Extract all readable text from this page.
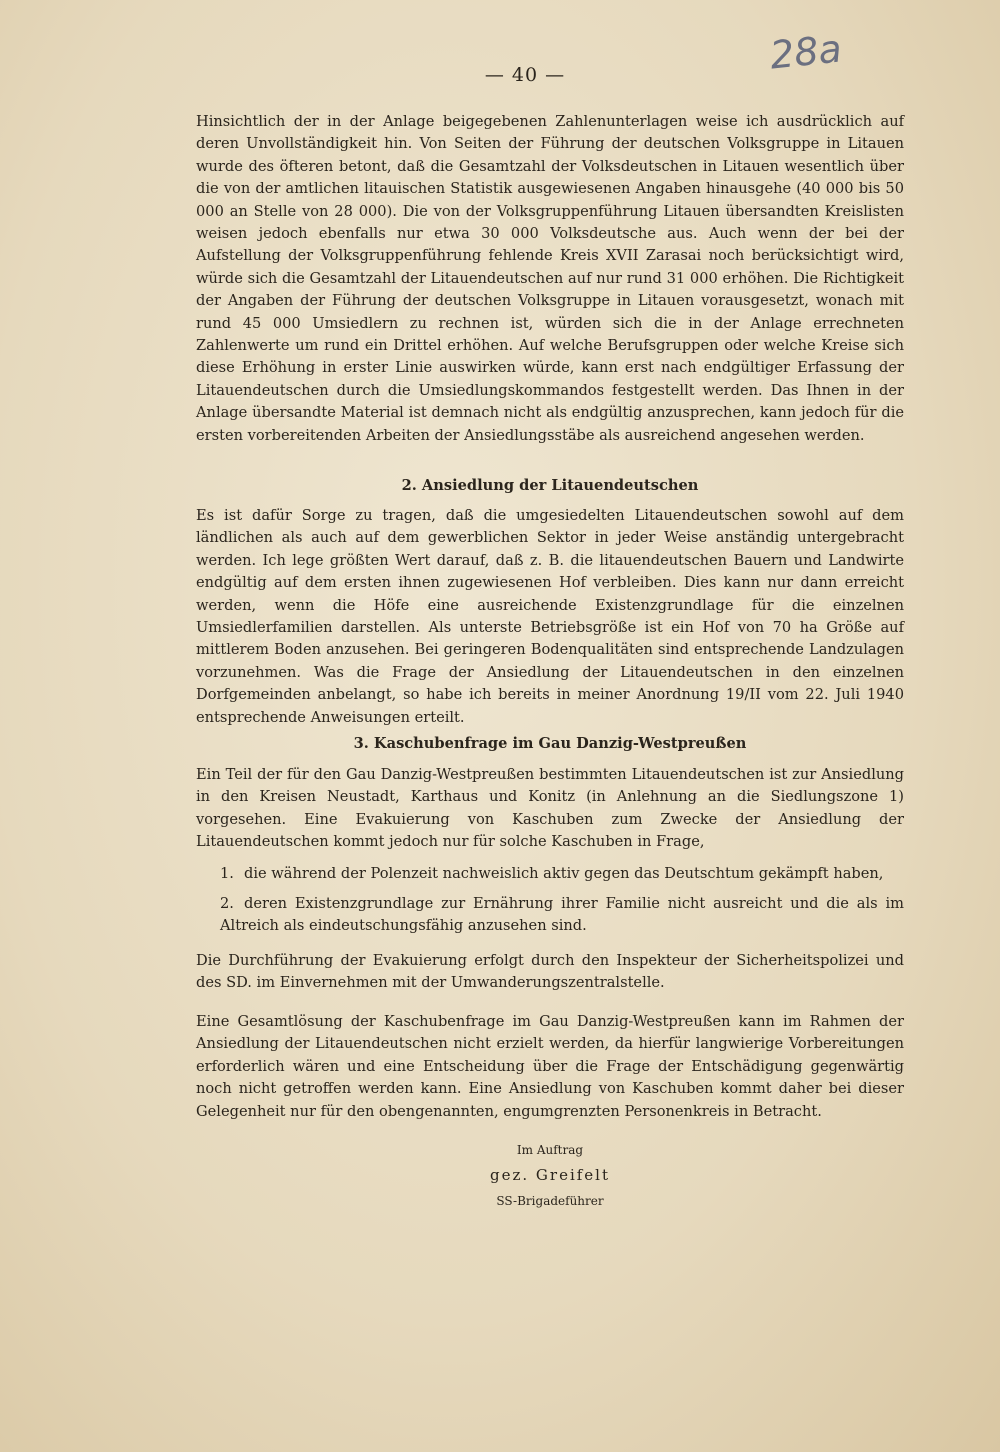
— 40 —	28a

Hinsichtlich der in der Anlage beigegebenen Zahlenunterlagen weise ich ausdrücklich auf deren Unvollständigkeit hin. Von Seiten der Führung der deutschen Volksgruppe in Litauen wurde des öfteren betont, daß die Gesamtzahl der Volksdeutschen in Litauen wesentlich über die von der amtlichen litauischen Statistik ausgewiesenen Angaben hinausgehe (40 000 bis 50 000 an Stelle von 28 000). Die von der Volksgruppenführung Litauen übersandten Kreislisten weisen jedoch ebenfalls nur etwa 30 000 Volksdeutsche aus. Auch wenn der bei der Aufstellung der Volksgruppenführung fehlende Kreis XVII Zarasai noch berücksichtigt wird, würde sich die Gesamtzahl der Litauendeutschen auf nur rund 31 000 erhöhen. Die Richtigkeit der Angaben der Führung der deutschen Volksgruppe in Litauen vorausgesetzt, wonach mit rund 45 000 Umsiedlern zu rechnen ist, würden sich die in der Anlage errechneten Zahlenwerte um rund ein Drittel erhöhen. Auf welche Berufsgruppen oder welche Kreise sich diese Erhöhung in erster Linie auswirken würde, kann erst nach endgültiger Erfassung der Litauendeutschen durch die Umsiedlungskommandos festgestellt werden. Das Ihnen in der Anlage übersandte Material ist demnach nicht als endgültig anzusprechen, kann jedoch für die ersten vorbereitenden Arbeiten der Ansiedlungsstäbe als ausreichend angesehen werden.

2. Ansiedlung der Litauendeutschen

Es ist dafür Sorge zu tragen, daß die umgesiedelten Litauendeutschen sowohl auf dem ländlichen als auch auf dem gewerblichen Sektor in jeder Weise anständig untergebracht werden. Ich lege größten Wert darauf, daß z. B. die litauendeutschen Bauern und Landwirte endgültig auf dem ersten ihnen zugewiesenen Hof verbleiben. Dies kann nur dann erreicht werden, wenn die Höfe eine ausreichende Existenzgrundlage für die einzelnen Umsiedlerfamilien darstellen. Als unterste Betriebsgröße ist ein Hof von 70 ha Größe auf mittlerem Boden anzusehen. Bei geringeren Bodenqualitäten sind entsprechende Landzulagen vorzunehmen. Was die Frage der Ansiedlung der Litauendeutschen in den einzelnen Dorfgemeinden anbelangt, so habe ich bereits in meiner Anordnung 19/II vom 22. Juli 1940 entsprechende Anweisungen erteilt.

3. Kaschubenfrage im Gau Danzig-Westpreußen

Ein Teil der für den Gau Danzig-Westpreußen bestimmten Litauendeutschen ist zur Ansiedlung in den Kreisen Neustadt, Karthaus und Konitz (in Anlehnung an die Siedlungszone 1) vorgesehen. Eine Evakuierung von Kaschuben zum Zwecke der Ansiedlung der Litauendeutschen kommt jedoch nur für solche Kaschuben in Frage,

1. die während der Polenzeit nachweislich aktiv gegen das Deutschtum gekämpft haben,

2. deren Existenzgrundlage zur Ernährung ihrer Familie nicht ausreicht und die als im Altreich als eindeutschungsfähig anzusehen sind.

Die Durchführung der Evakuierung erfolgt durch den Inspekteur der Sicherheitspolizei und des SD. im Einvernehmen mit der Umwanderungszentralstelle.

Eine Gesamtlösung der Kaschubenfrage im Gau Danzig-Westpreußen kann im Rahmen der Ansiedlung der Litauendeutschen nicht erzielt werden, da hierfür langwierige Vorbereitungen erforderlich wären und eine Entscheidung über die Frage der Entschädigung gegenwärtig noch nicht getroffen werden kann. Eine Ansiedlung von Kaschuben kommt daher bei dieser Gelegenheit nur für den obengenannten, engumgrenzten Personenkreis in Betracht.

Im Auftrag

gez. Greifelt

SS-Brigadeführer
